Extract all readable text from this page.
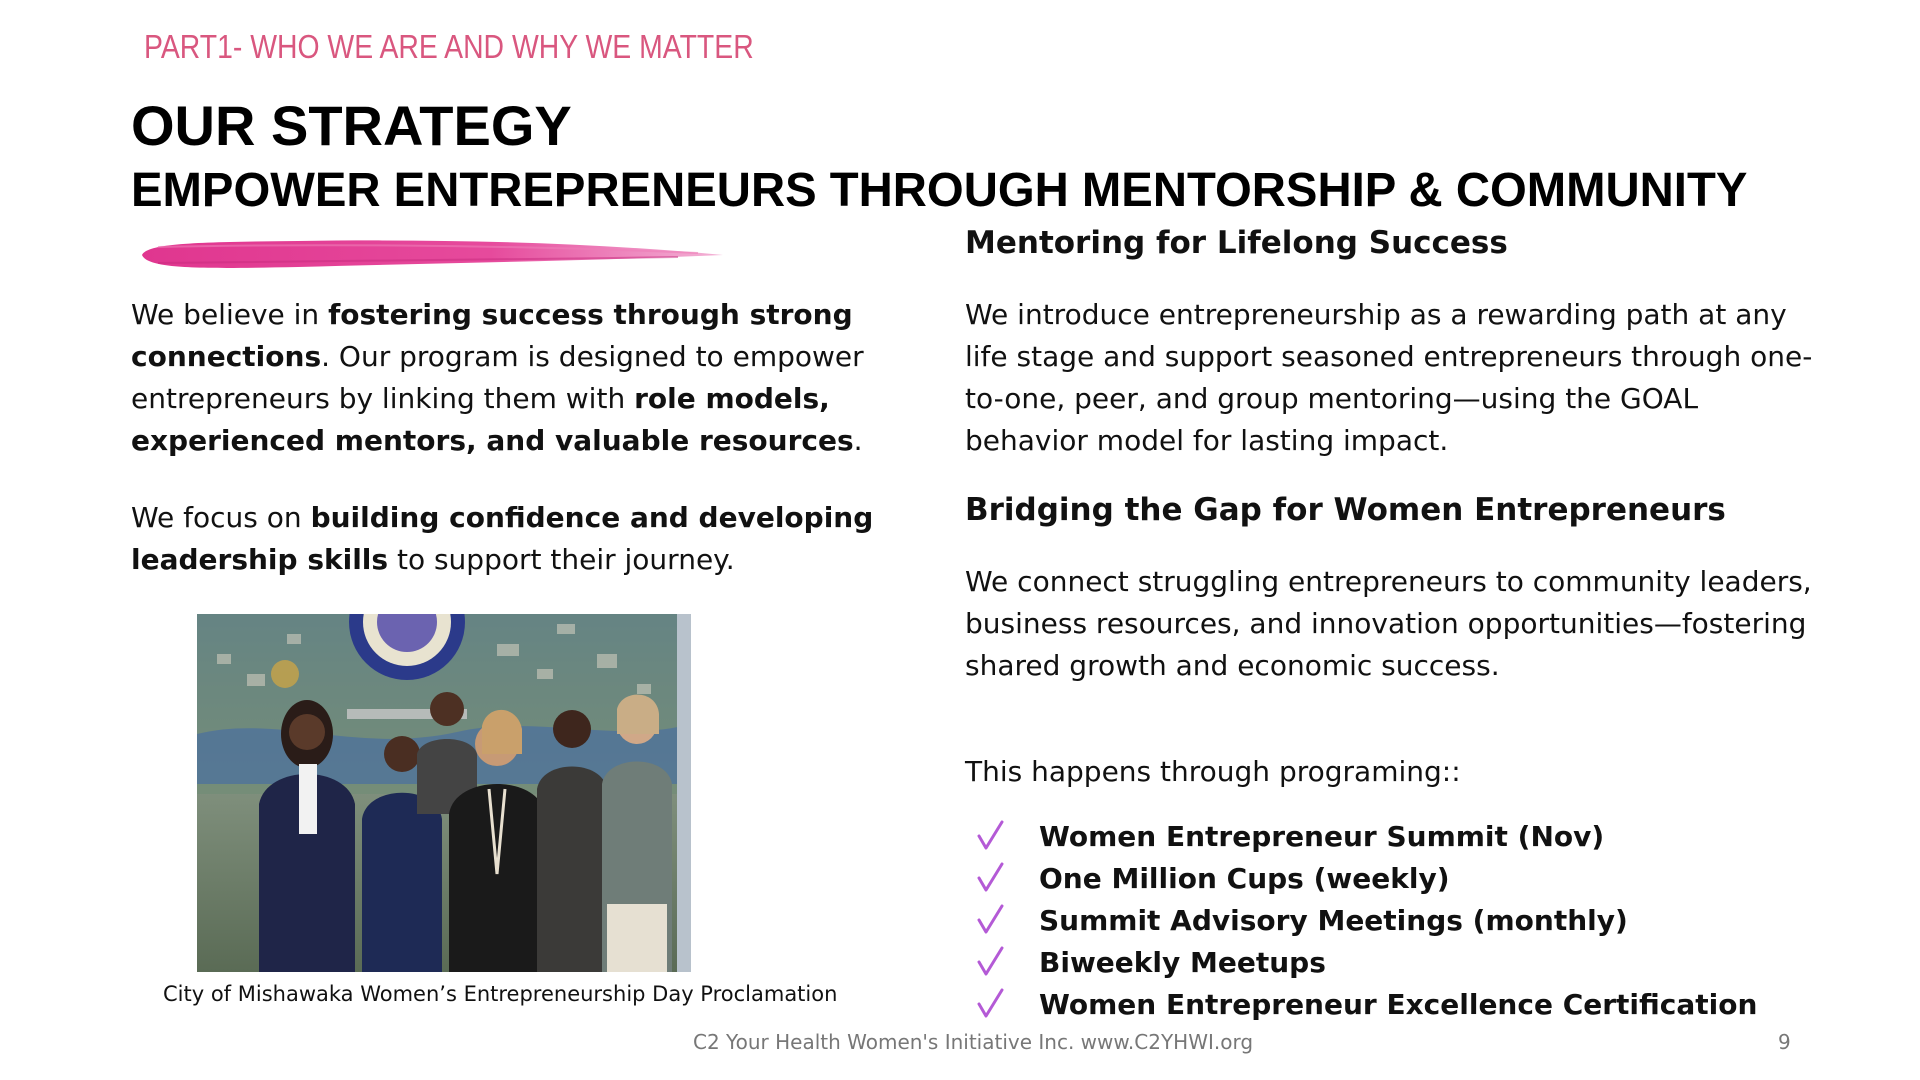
PART1- WHO WE ARE AND WHY WE MATTER
OUR STRATEGY
EMPOWER ENTREPRENEURS THROUGH MENTORSHIP & COMMUNITY
We believe in fostering success through strong connections. Our program is designed to empower entrepreneurs by linking them with role models, experienced mentors, and valuable resources.
We focus on building confidence and developing leadership skills to support their journey.
City of Mishawaka Women’s Entrepreneurship Day Proclamation
Mentoring for Lifelong Success
We introduce entrepreneurship as a rewarding path at any life stage and support seasoned entrepreneurs through one-to-one, peer, and group mentoring—using the GOAL behavior model for lasting impact.
Bridging the Gap for Women Entrepreneurs
We connect struggling entrepreneurs to community leaders, business resources, and innovation opportunities—fostering shared growth and economic success.
This happens through programing::
Women Entrepreneur Summit (Nov)
One Million Cups (weekly)
Summit Advisory Meetings (monthly)
Biweekly Meetups
Women Entrepreneur Excellence Certification
C2 Your Health Women's Initiative Inc. www.C2YHWI.org	9
